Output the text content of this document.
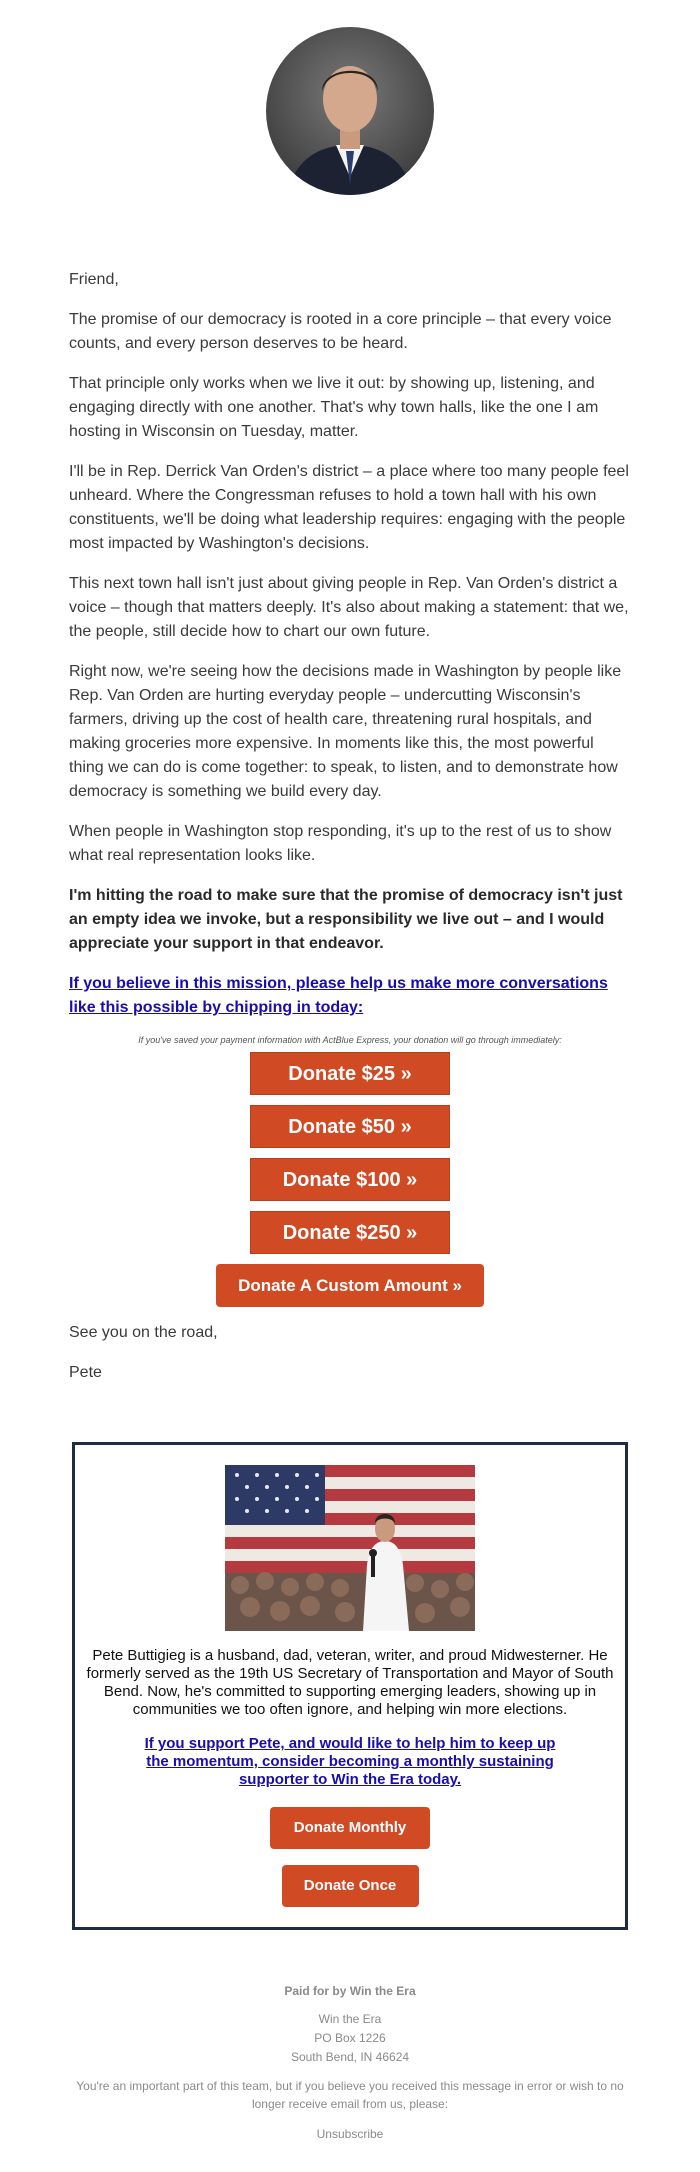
Friend,

The promise of our democracy is rooted in a core principle – that every voice counts, and every person deserves to be heard.

That principle only works when we live it out: by showing up, listening, and engaging directly with one another. That's why town halls, like the one I am hosting in Wisconsin on Tuesday, matter.

I'll be in Rep. Derrick Van Orden's district – a place where too many people feel unheard. Where the Congressman refuses to hold a town hall with his own constituents, we'll be doing what leadership requires: engaging with the people most impacted by Washington's decisions.

This next town hall isn't just about giving people in Rep. Van Orden's district a voice – though that matters deeply. It's also about making a statement: that we, the people, still decide how to chart our own future.

Right now, we're seeing how the decisions made in Washington by people like Rep. Van Orden are hurting everyday people – undercutting Wisconsin's farmers, driving up the cost of health care, threatening rural hospitals, and making groceries more expensive. In moments like this, the most powerful thing we can do is come together: to speak, to listen, and to demonstrate how democracy is something we build every day.

When people in Washington stop responding, it's up to the rest of us to show what real representation looks like.

I'm hitting the road to make sure that the promise of democracy isn't just an empty idea we invoke, but a responsibility we live out – and I would appreciate your support in that endeavor.

If you believe in this mission, please help us make more conversations like this possible by chipping in today:
If you've saved your payment information with ActBlue Express, your donation will go through immediately:
Donate $25 »
Donate $50 »
Donate $100 »
Donate $250 »
Donate A Custom Amount »

See you on the road,

Pete

Pete Buttigieg is a husband, dad, veteran, writer, and proud Midwesterner. He formerly served as the 19th US Secretary of Transportation and Mayor of South Bend. Now, he's committed to supporting emerging leaders, showing up in communities we too often ignore, and helping win more elections.
If you support Pete, and would like to help him to keep up the momentum, consider becoming a monthly sustaining supporter to Win the Era today.
Donate Monthly
Donate Once
Paid for by Win the Era
Win the Era
PO Box 1226
South Bend, IN 46624
You're an important part of this team, but if you believe you received this message in error or wish to no longer receive email from us, please:
Unsubscribe
